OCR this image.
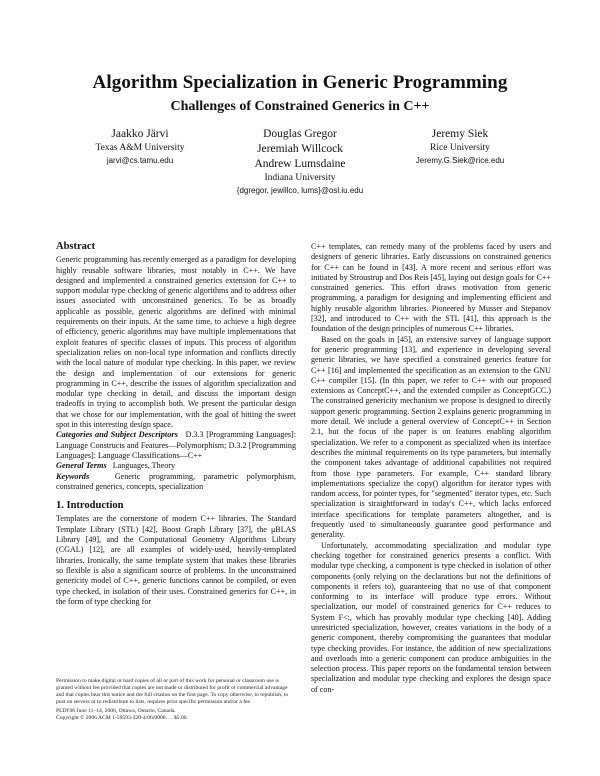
Algorithm Specialization in Generic Programming
Challenges of Constrained Generics in C++
Jaakko Järvi
Texas A&M University
jarvi@cs.tamu.edu
Douglas Gregor
Jeremiah Willcock
Andrew Lumsdaine
Indiana University
{dgregor, jewillco, lums}@osl.iu.edu
Jeremy Siek
Rice University
Jeremy.G.Siek@rice.edu
Abstract

Generic programming has recently emerged as a paradigm for developing highly reusable software libraries, most notably in C++. We have designed and implemented a constrained generics extension for C++ to support modular type checking of generic algorithms and to address other issues associated with unconstrained generics. To be as broadly applicable as possible, generic algorithms are defined with minimal requirements on their inputs. At the same time, to achieve a high degree of efficiency, generic algorithms may have multiple implementations that exploit features of specific classes of inputs. This process of algorithm specialization relies on non-local type information and conflicts directly with the local nature of modular type checking. In this paper, we review the design and implementation of our extensions for generic programming in C++, describe the issues of algorithm specialization and modular type checking in detail, and discuss the important design tradeoffs in trying to accomplish both. We present the particular design that we chose for our implementation, with the goal of hitting the sweet spot in this interesting design space.

Categories and Subject Descriptors D.3.3 [Programming Languages]: Language Constructs and Features—Polymorphism; D.3.2 [Programming Languages]: Language Classifications—C++

General Terms Languages, Theory

Keywords	Generic programming, parametric polymorphism, constrained generics, concepts, specialization

1. Introduction

Templates are the cornerstone of modern C++ libraries. The Standard Template Library (STL) [42], Boost Graph Library [37], the μBLAS Library [49], and the Computational Geometry Algorithms Library (CGAL) [12], are all examples of widely-used, heavily-templated libraries. Ironically, the same template system that makes these libraries so flexible is also a significant source of problems. In the unconstrained genericity model of C++, generic functions cannot be compiled, or even type checked, in isolation of their uses. Constrained generics for C++, in the form of type checking for

Permission to make digital or hard copies of all or part of this work for personal or classroom use is granted without fee provided that copies are not made or distributed for profit or commercial advantage and that copies bear this notice and the full citation on the first page. To copy otherwise, to republish, to post on servers or to redistribute to lists, requires prior specific permission and/or a fee.

PLDI'06 June 11–14, 2006, Ottawa, Ontario, Canada.

Copyright © 2006 ACM 1-59593-320-4/06/0006. . . $5.00.

C++ templates, can remedy many of the problems faced by users and designers of generic libraries. Early discussions on constrained generics for C++ can be found in [43]. A more recent and serious effort was initiated by Stroustrup and Dos Reis [45], laying out design goals for C++ constrained generics. This effort draws motivation from generic programming, a paradigm for designing and implementing efficient and highly reusable algorithm libraries. Pioneered by Musser and Stepanov [32], and introduced to C++ with the STL [41], this approach is the foundation of the design principles of numerous C++ libraries.

Based on the goals in [45], an extensive survey of language support for generic programming [13], and experience in developing several generic libraries, we have specified a constrained generics feature for C++ [16] and implemented the specification as an extension to the GNU C++ compiler [15]. (In this paper, we refer to C++ with our proposed extensions as ConceptC++, and the extended compiler as ConceptGCC.) The constrained genericity mechanism we propose is designed to directly support generic programming. Section 2 explains generic programming in more detail. We include a general overview of ConceptC++ in Section 2.1, but the focus of the paper is on features enabling algorithm specialization. We refer to a component as specialized when its interface describes the minimal requirements on its type parameters, but internally the component takes advantage of additional capabilities not required from those type parameters. For example, C++ standard library implementations specialize the copy() algorithm for iterator types with random access, for pointer types, for "segmented" iterator types, etc. Such specialization is straightforward in today's C++, which lacks enforced interface specifications for template parameters altogether, and is frequently used to simultaneously guarantee good performance and generality.

Unfortunately, accommodating specialization and modular type checking together for constrained generics presents a conflict. With modular type checking, a component is type checked in isolation of other components (only relying on the declarations but not the definitions of components it refers to), guaranteeing that no use of that component conforming to its interface will produce type errors. Without specialization, our model of constrained generics for C++ reduces to System F<:, which has provably modular type checking [40]. Adding unrestricted specialization, however, creates variations in the body of a generic component, thereby compromising the guarantees that modular type checking provides. For instance, the addition of new specializations and overloads into a generic component can produce ambiguities in the selection process. This paper reports on the fundamental tension between specialization and modular type checking and explores the design space of con-
